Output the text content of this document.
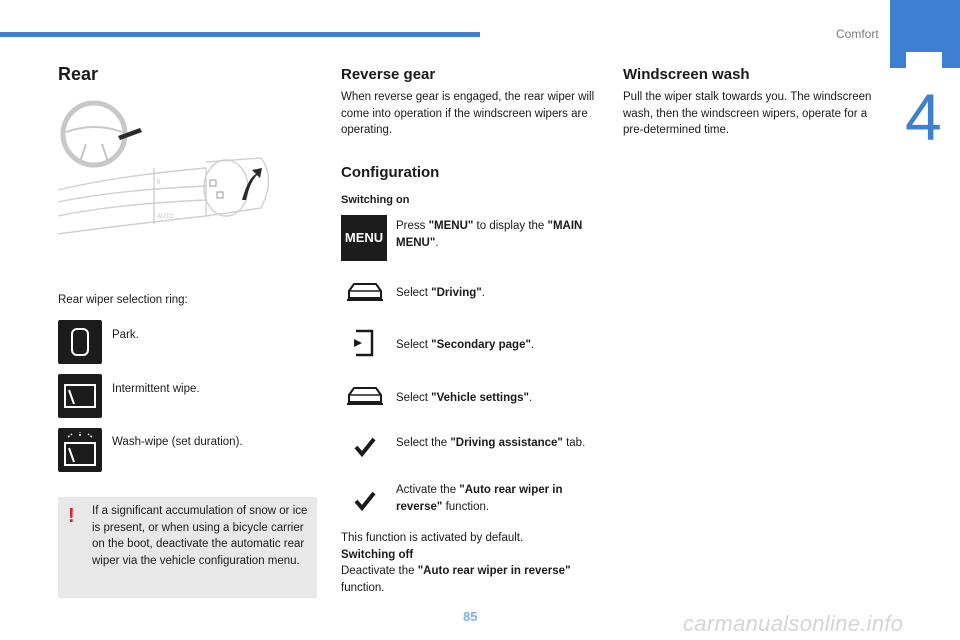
Comfort
4
Rear
0
AUTO
Rear wiper selection ring:
Park.
Intermittent wipe.
Wash-wipe (set duration).
! If a significant accumulation of snow or ice is present, or when using a bicycle carrier on the boot, deactivate the automatic rear wiper via the vehicle configuration menu.
Reverse gear
When reverse gear is engaged, the rear wiper will come into operation if the windscreen wipers are operating.
Configuration
Switching on
MENU
Press "MENU" to display the "MAIN MENU".
Select "Driving".
Select "Secondary page".
Select "Vehicle settings".
Select the "Driving assistance" tab.
Activate the "Auto rear wiper in reverse" function.
This function is activated by default.
Switching off
Deactivate the "Auto rear wiper in reverse" function.
Windscreen wash
Pull the wiper stalk towards you. The windscreen wash, then the windscreen wipers, operate for a pre-determined time.
85	carmanualsonline.info
